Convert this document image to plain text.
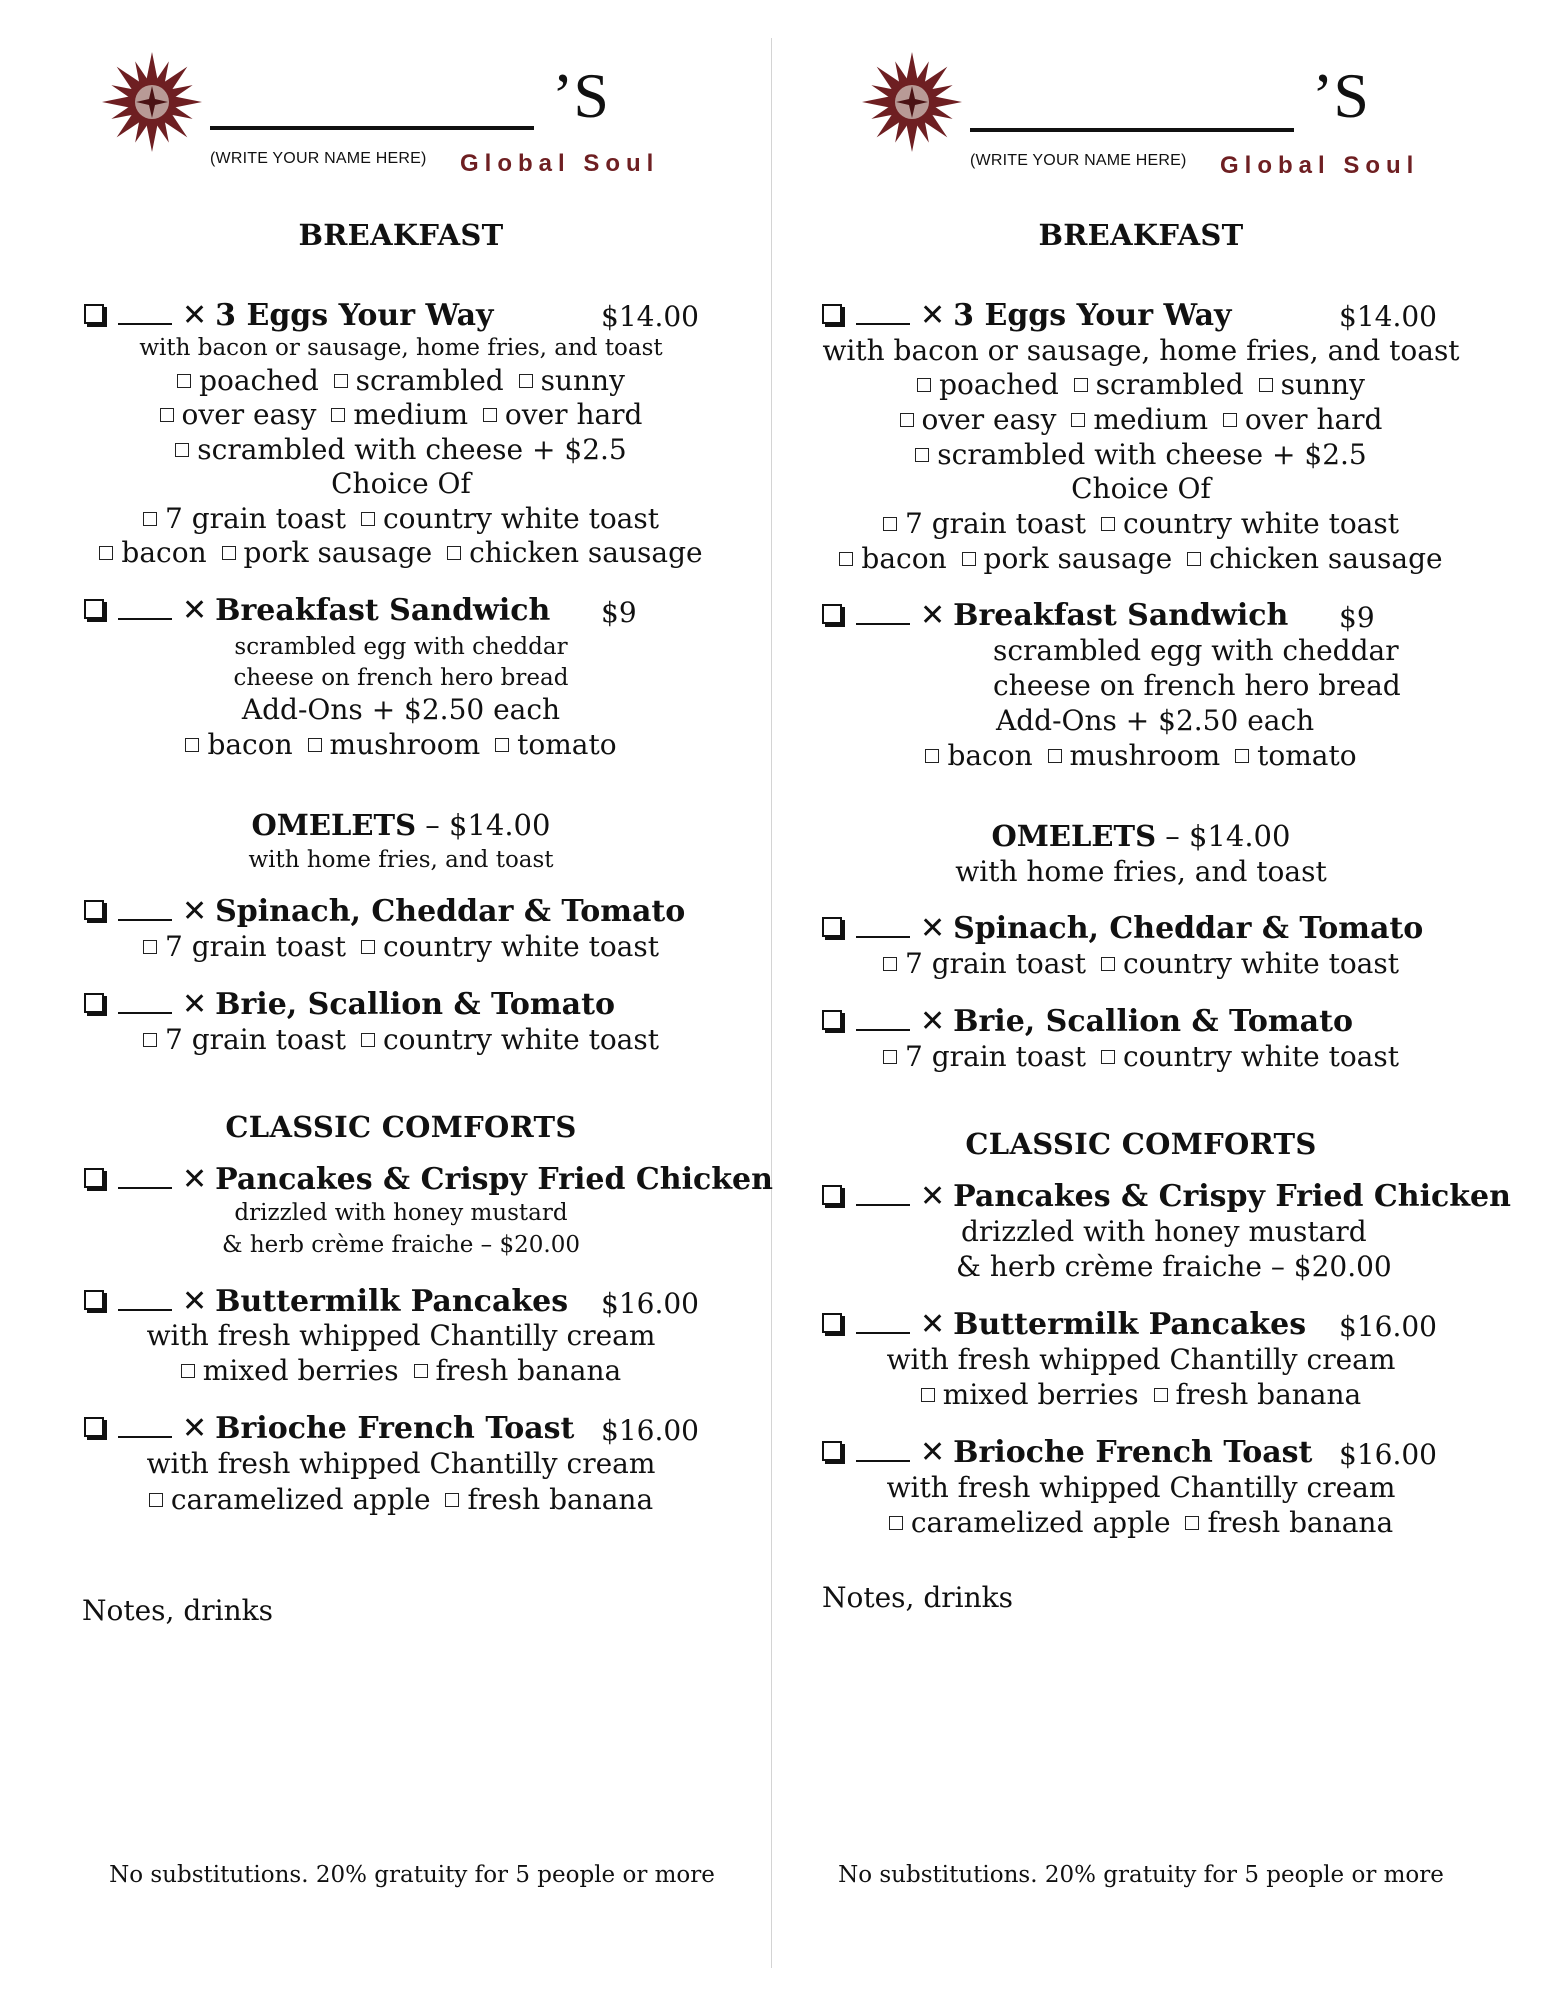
’S
(WRITE YOUR NAME HERE) Global Soul
BREAKFAST
✕ 3 Eggs Your Way	$14.00
with bacon or sausage, home fries, and toast
poached scrambled sunny
over easy medium over hard
scrambled with cheese + $2.5
Choice Of
7 grain toast country white toast
bacon pork sausage chicken sausage
✕ Breakfast Sandwich $9
scrambled egg with cheddar
cheese on french hero bread
Add-Ons + $2.50 each
bacon mushroom tomato
OMELETS – $14.00
with home fries, and toast
✕ Spinach, Cheddar & Tomato
7 grain toast country white toast
✕ Brie, Scallion & Tomato
7 grain toast country white toast
CLASSIC COMFORTS
✕ Pancakes & Crispy Fried Chicken
drizzled with honey mustard
& herb crème fraiche – $20.00
✕ Buttermilk Pancakes $16.00
with fresh whipped Chantilly cream
mixed berries fresh banana
✕ Brioche French Toast $16.00
with fresh whipped Chantilly cream
caramelized apple fresh banana
Notes, drinks
No substitutions. 20% gratuity for 5 people or more
’S
(WRITE YOUR NAME HERE) Global Soul
BREAKFAST
✕ 3 Eggs Your Way	$14.00
with bacon or sausage, home fries, and toast
poached scrambled sunny
over easy medium over hard
scrambled with cheese + $2.5
Choice Of
7 grain toast country white toast
bacon pork sausage chicken sausage
✕ Breakfast Sandwich $9
scrambled egg with cheddar
cheese on french hero bread
Add-Ons + $2.50 each
bacon mushroom tomato
OMELETS – $14.00
with home fries, and toast
✕ Spinach, Cheddar & Tomato
7 grain toast country white toast
✕ Brie, Scallion & Tomato
7 grain toast country white toast
CLASSIC COMFORTS
✕ Pancakes & Crispy Fried Chicken
drizzled with honey mustard
& herb crème fraiche – $20.00
✕ Buttermilk Pancakes $16.00
with fresh whipped Chantilly cream
mixed berries fresh banana
✕ Brioche French Toast $16.00
with fresh whipped Chantilly cream
caramelized apple fresh banana
Notes, drinks
No substitutions. 20% gratuity for 5 people or more
